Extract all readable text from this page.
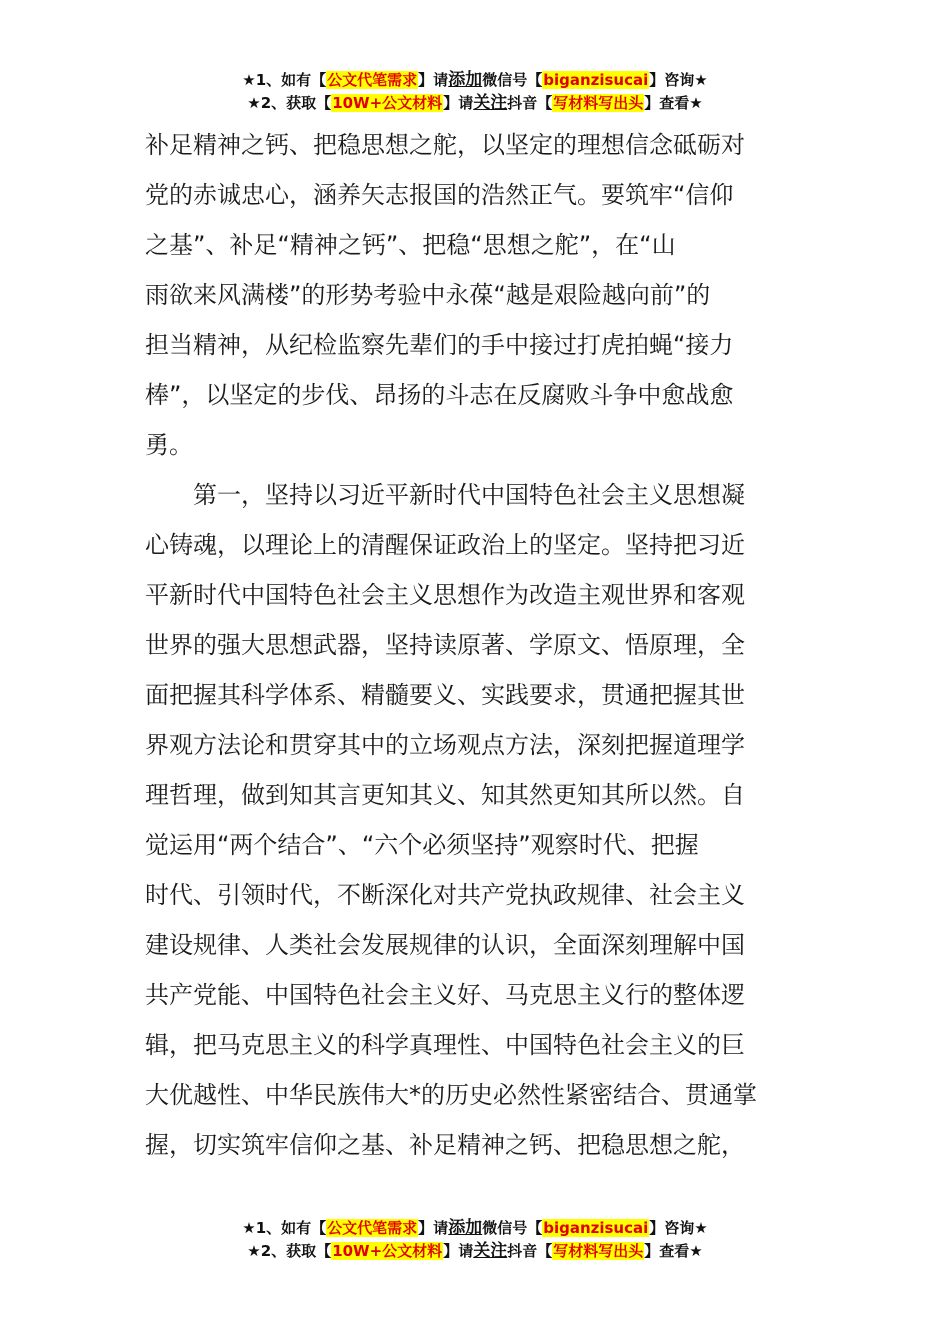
★1、如有【公文代笔需求】请添加微信号【biganzisucai】咨询★
★2、获取【10W+公文材料】请关注抖音【写材料写出头】查看★
补足精神之钙、把稳思想之舵，以坚定的理想信念砥砺对
党的赤诚忠心，涵养矢志报国的浩然正气。要筑牢“信仰
之基”、补足“精神之钙”、把稳“思想之舵”，在“山
雨欲来风满楼”的形势考验中永葆“越是艰险越向前”的
担当精神，从纪检监察先辈们的手中接过打虎拍蝇“接力
棒”，以坚定的步伐、昂扬的斗志在反腐败斗争中愈战愈
勇。
　　第一，坚持以习近平新时代中国特色社会主义思想凝
心铸魂，以理论上的清醒保证政治上的坚定。坚持把习近
平新时代中国特色社会主义思想作为改造主观世界和客观
世界的强大思想武器，坚持读原著、学原文、悟原理，全
面把握其科学体系、精髓要义、实践要求，贯通把握其世
界观方法论和贯穿其中的立场观点方法，深刻把握道理学
理哲理，做到知其言更知其义、知其然更知其所以然。自
觉运用“两个结合”、“六个必须坚持”观察时代、把握
时代、引领时代，不断深化对共产党执政规律、社会主义
建设规律、人类社会发展规律的认识，全面深刻理解中国
共产党能、中国特色社会主义好、马克思主义行的整体逻
辑，把马克思主义的科学真理性、中国特色社会主义的巨
大优越性、中华民族伟大*的历史必然性紧密结合、贯通掌
握，切实筑牢信仰之基、补足精神之钙、把稳思想之舵，
★1、如有【公文代笔需求】请添加微信号【biganzisucai】咨询★
★2、获取【10W+公文材料】请关注抖音【写材料写出头】查看★
